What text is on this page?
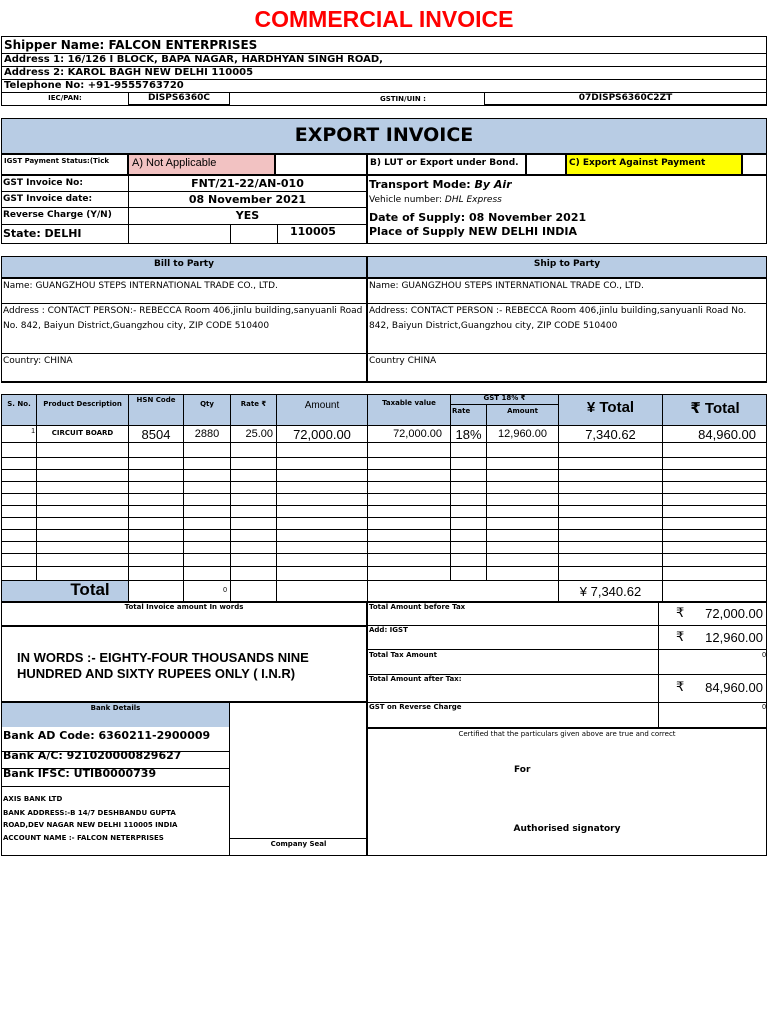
COMMERCIAL INVOICE
Shipper Name: FALCON ENTERPRISES
Address 1: 16/126 I BLOCK, BAPA NAGAR, HARDHYAN SINGH ROAD,
Address 2: KAROL BAGH NEW DELHI 110005
Telephone No: +91-9555763720
IEC/PAN:	DISPS6360C	GSTIN/UIN :	07DISPS6360C2ZT
EXPORT INVOICE
IGST Payment Status:(Tick	A) Not Applicable	B) LUT or Export under Bond.	C) Export Against Payment
GST Invoice No:	FNT/21-22/AN-010
GST Invoice date:	08 November 2021
Reverse Charge (Y/N)	YES
State: DELHI	110005
Transport Mode: By Air
Vehicle number: DHL Express
Date of Supply: 08 November 2021
Place of Supply NEW DELHI INDIA
Bill to Party	Ship to Party
Name: GUANGZHOU STEPS INTERNATIONAL TRADE CO., LTD.
Address : CONTACT PERSON:- REBECCA Room 406,jinlu building,sanyuanli Road No. 842, Baiyun District,Guangzhou city, ZIP CODE 510400
Country: CHINA
Name: GUANGZHOU STEPS INTERNATIONAL TRADE CO., LTD.
Address: CONTACT PERSON :- REBECCA Room 406,jinlu building,sanyuanli Road No. 842, Baiyun District,Guangzhou city, ZIP CODE 510400
Country CHINA
S. No.	Product Description	HSN Code	Qty	Rate ₹	Amount	Taxable value
GST 18% ₹
Rate	Amount	¥ Total	₹ Total
1	CIRCUIT BOARD	8504	2880	25.00	72,000.00	72,000.00	18%	12,960.00	7,340.62	84,960.00
Total	0	¥ 7,340.62
Total Invoice amount In words
IN WORDS :- EIGHTY-FOUR THOUSANDS NINE HUNDRED AND SIXTY RUPEES ONLY ( I.N.R)
Total Amount before Tax	₹	72,000.00
Add: IGST	₹	12,960.00
Total Tax Amount	0
Total Amount after Tax:	₹	84,960.00
GST on Reverse Charge	0
Bank Details
Bank AD Code: 6360211-2900009
Bank A/C: 921020000829627
Bank IFSC: UTIB0000739
AXIS BANK LTD
BANK ADDRESS:-B 14/7 DESHBANDU GUPTA ROAD,DEV NAGAR NEW DELHI 110005 INDIA
ACCOUNT NAME :- FALCON NETERPRISES
Company Seal
Certified that the particulars given above are true and correct
For
Authorised signatory
